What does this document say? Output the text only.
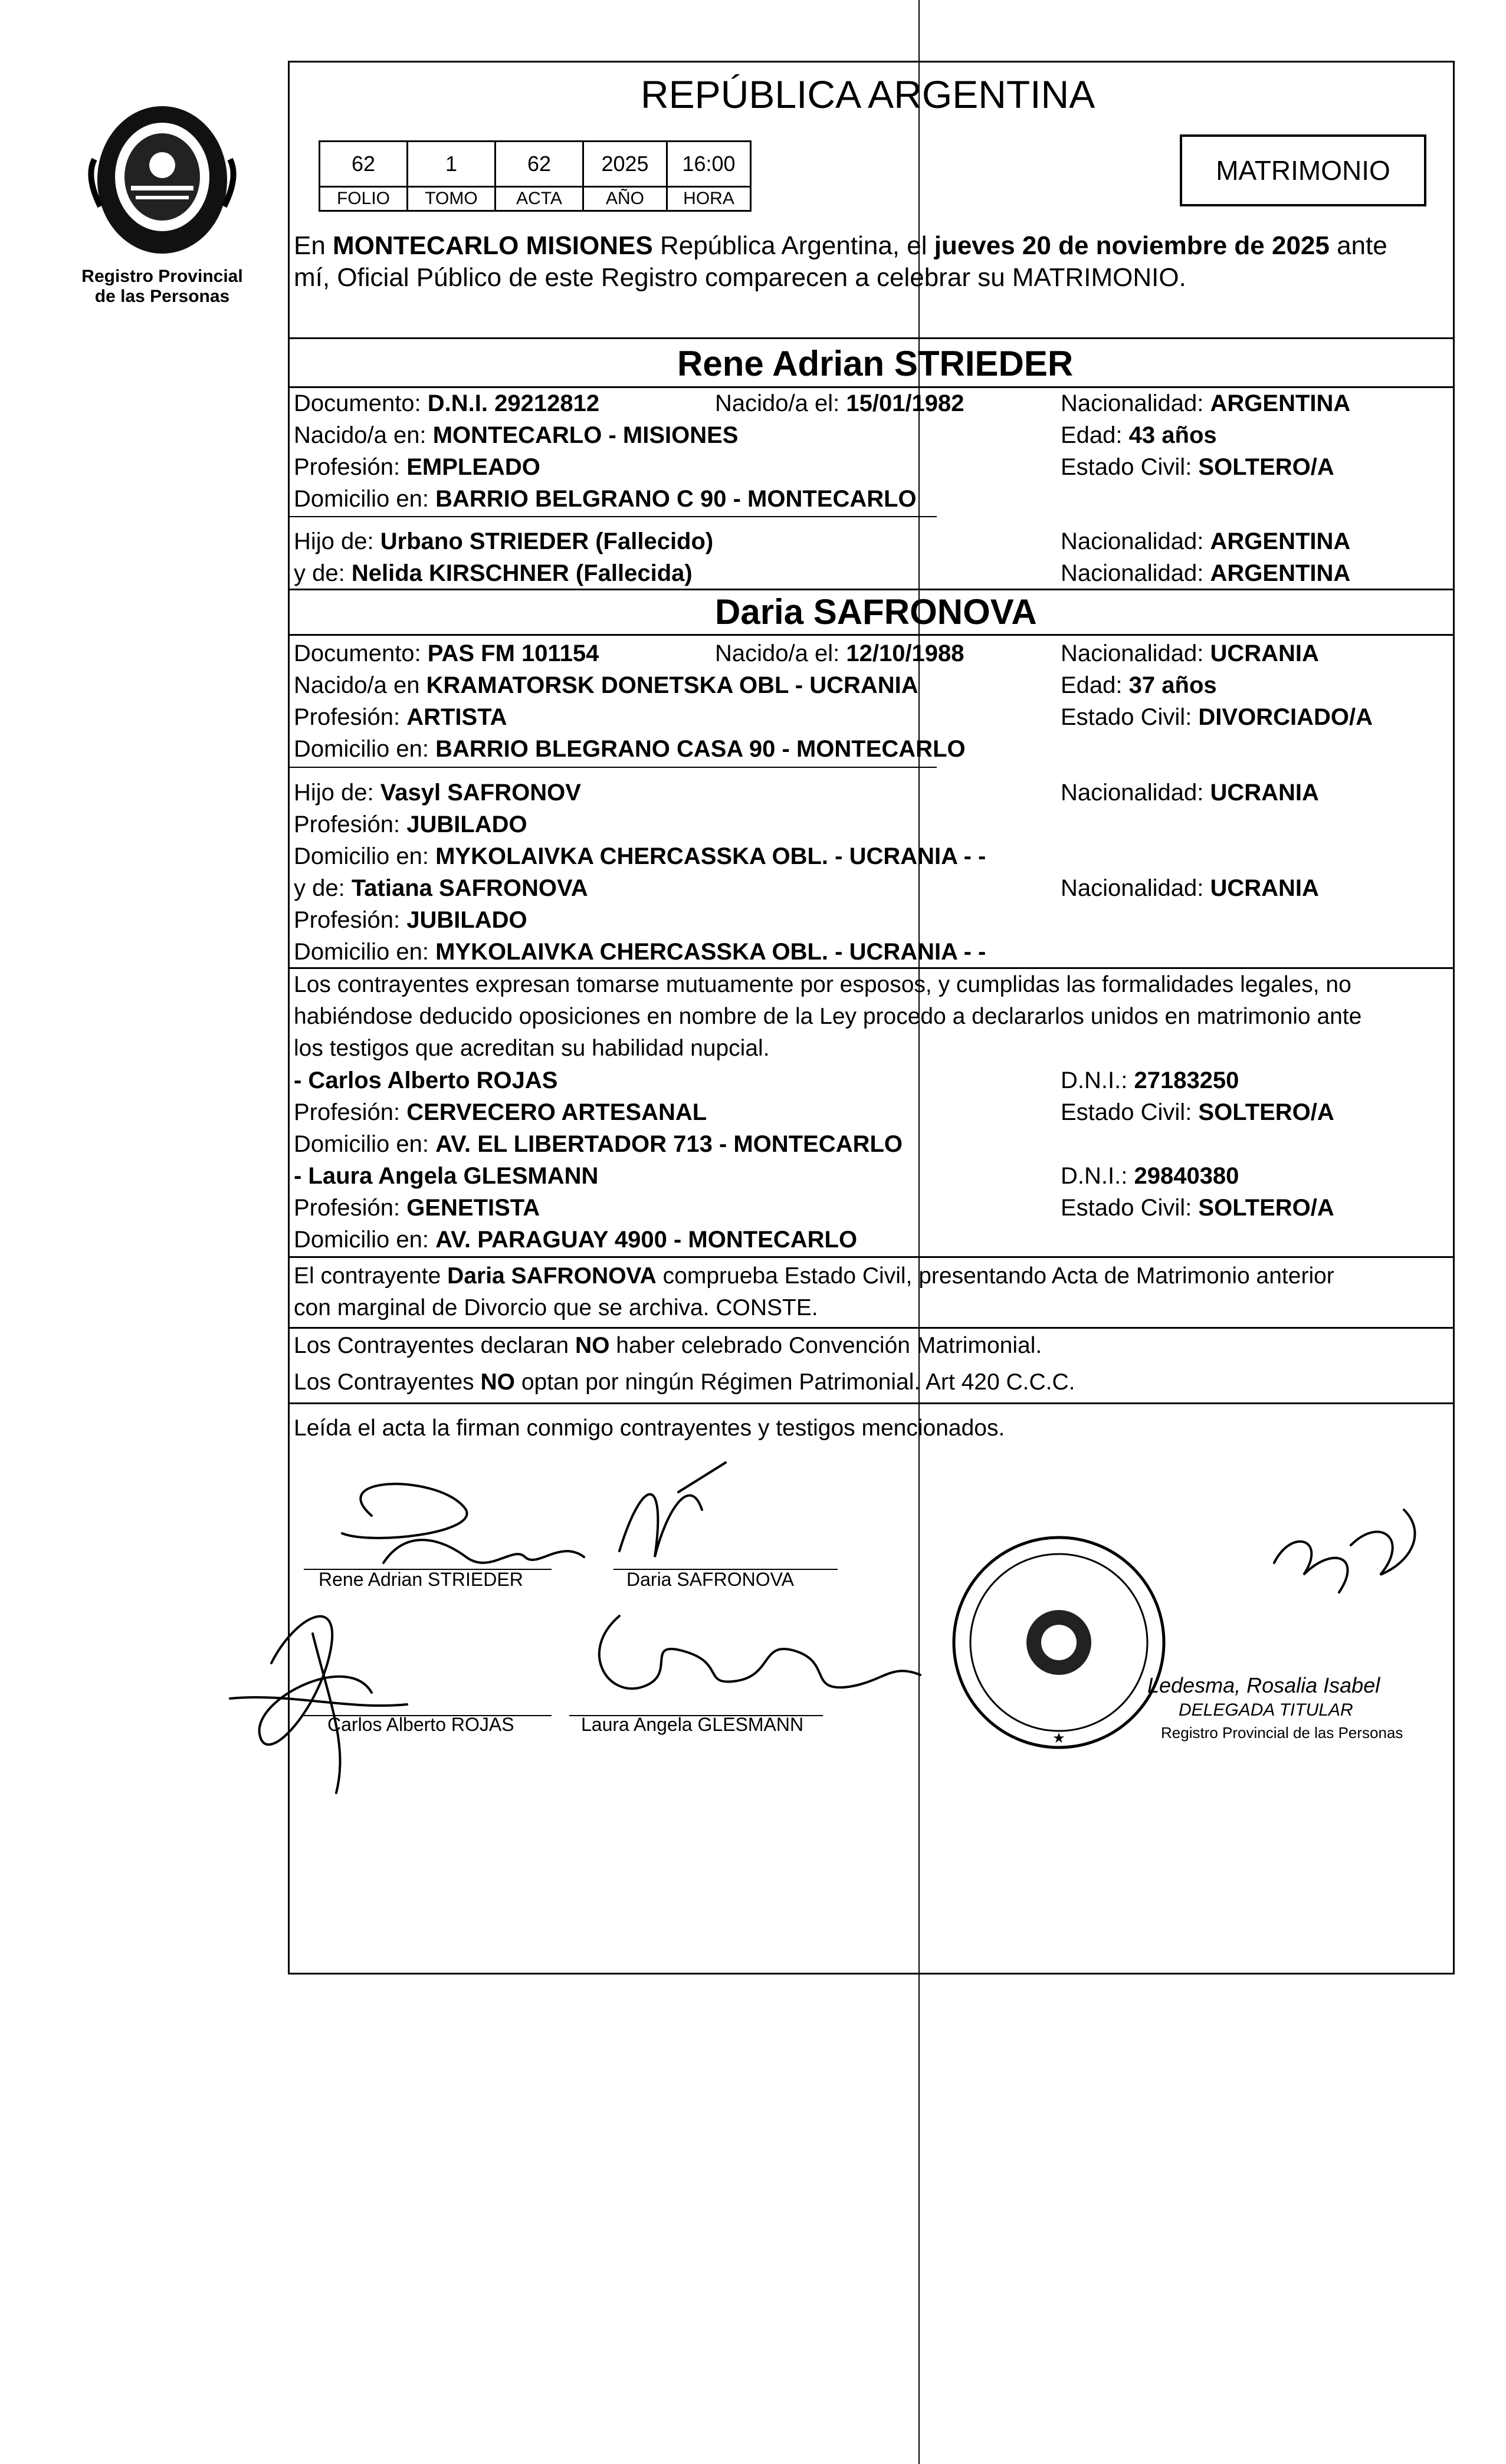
Registro Provincial
de las Personas
REPÚBLICA ARGENTINA
62	1	62	2025	16:00
FOLIO	TOMO	ACTA	AÑO	HORA
MATRIMONIO
En MONTECARLO MISIONES República Argentina, el jueves 20 de noviembre de 2025 ante
mí, Oficial Público de este Registro comparecen a celebrar su MATRIMONIO.
Rene Adrian STRIEDER
Documento: D.N.I. 29212812	Nacido/a el: 15/01/1982	Nacionalidad: ARGENTINA
Nacido/a en: MONTECARLO - MISIONES	Edad: 43 años
Profesión: EMPLEADO	Estado Civil: SOLTERO/A
Domicilio en: BARRIO BELGRANO C 90 - MONTECARLO
Hijo de: Urbano STRIEDER (Fallecido)	Nacionalidad: ARGENTINA
y de: Nelida KIRSCHNER (Fallecida)	Nacionalidad: ARGENTINA
Daria SAFRONOVA
Documento: PAS FM 101154	Nacido/a el: 12/10/1988	Nacionalidad: UCRANIA
Nacido/a en KRAMATORSK DONETSKA OBL - UCRANIA	Edad: 37 años
Profesión: ARTISTA	Estado Civil: DIVORCIADO/A
Domicilio en: BARRIO BLEGRANO CASA 90 - MONTECARLO
Hijo de: Vasyl SAFRONOV	Nacionalidad: UCRANIA
Profesión: JUBILADO
Domicilio en: MYKOLAIVKA CHERCASSKA OBL. - UCRANIA - -
y de: Tatiana SAFRONOVA	Nacionalidad: UCRANIA
Profesión: JUBILADO
Domicilio en: MYKOLAIVKA CHERCASSKA OBL. - UCRANIA - -
Los contrayentes expresan tomarse mutuamente por esposos, y cumplidas las formalidades legales, no
habiéndose deducido oposiciones en nombre de la Ley procedo a declararlos unidos en matrimonio ante
los testigos que acreditan su habilidad nupcial.
- Carlos Alberto ROJAS	D.N.I.: 27183250
Profesión: CERVECERO ARTESANAL	Estado Civil: SOLTERO/A
Domicilio en: AV. EL LIBERTADOR 713 - MONTECARLO
- Laura Angela GLESMANN	D.N.I.: 29840380
Profesión: GENETISTA	Estado Civil: SOLTERO/A
Domicilio en: AV. PARAGUAY 4900 - MONTECARLO
El contrayente Daria SAFRONOVA comprueba Estado Civil, presentando Acta de Matrimonio anterior
con marginal de Divorcio que se archiva. CONSTE.
Los Contrayentes declaran NO haber celebrado Convención Matrimonial.
Los Contrayentes NO optan por ningún Régimen Patrimonial. Art 420 C.C.C.
Leída el acta la firman conmigo contrayentes y testigos mencionados.
Rene Adrian STRIEDER	Daria SAFRONOVA
Carlos Alberto ROJAS	Laura Angela GLESMANN
★
Ledesma, Rosalia Isabel
DELEGADA TITULAR
Registro Provincial de las Personas
